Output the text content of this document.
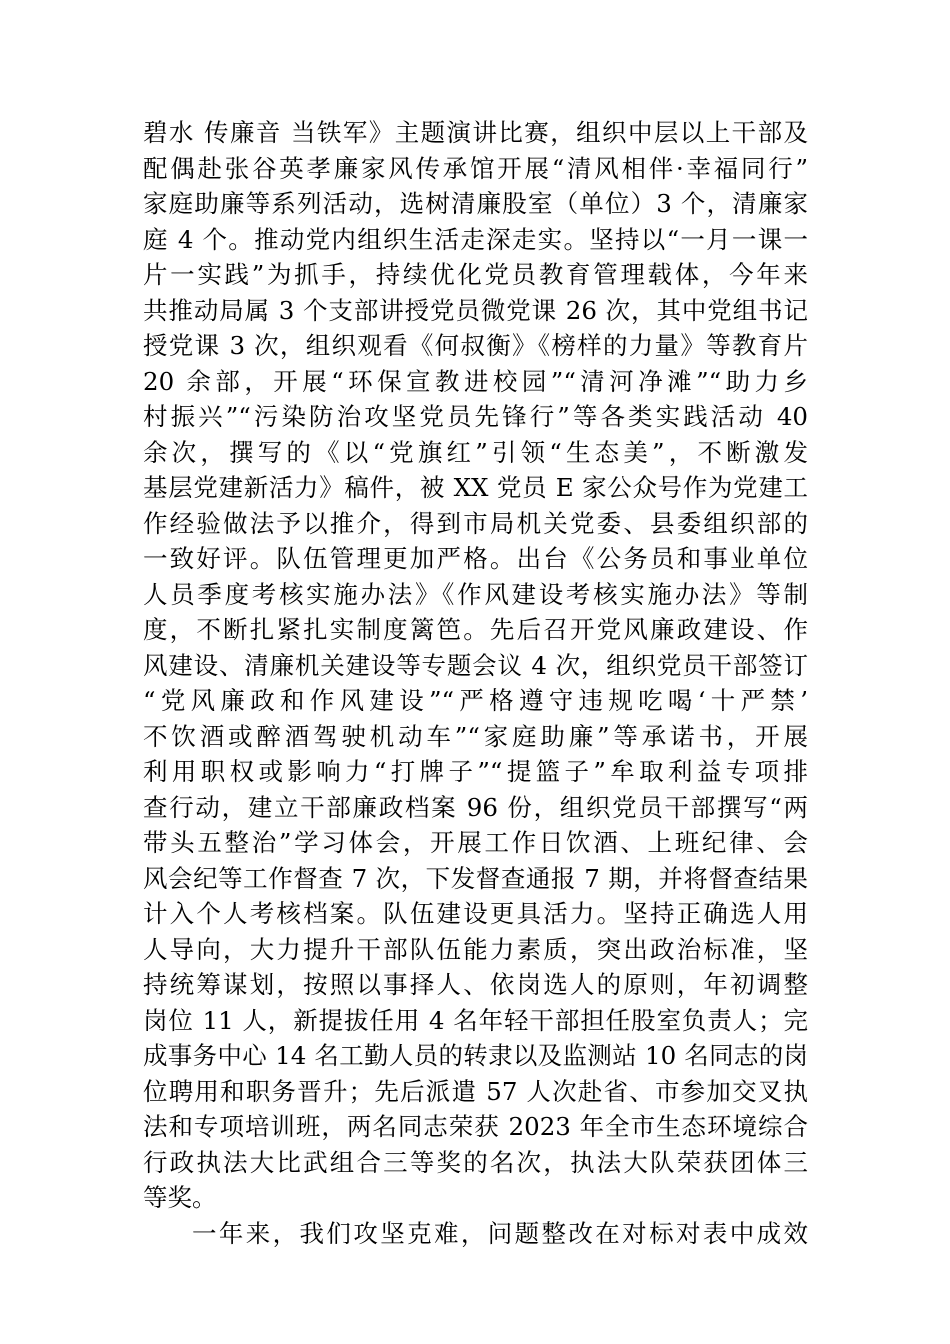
碧水 传廉音 当铁军》主题演讲比赛，组织中层以上干部及
配偶赴张谷英孝廉家风传承馆开展“清风相伴·幸福同行”
家庭助廉等系列活动，选树清廉股室（单位）3 个，清廉家
庭 4 个。推动党内组织生活走深走实。坚持以“一月一课一
片一实践”为抓手，持续优化党员教育管理载体，今年来
共推动局属 3 个支部讲授党员微党课 26 次，其中党组书记
授党课 3 次，组织观看《何叔衡》《榜样的力量》等教育片
20 余部，开展“环保宣教进校园”“清河净滩”“助力乡
村振兴”“污染防治攻坚党员先锋行”等各类实践活动 40
余次，撰写的《以“党旗红”引领“生态美”，不断激发
基层党建新活力》稿件，被 XX 党员 E 家公众号作为党建工
作经验做法予以推介，得到市局机关党委、县委组织部的
一致好评。队伍管理更加严格。出台《公务员和事业单位
人员季度考核实施办法》《作风建设考核实施办法》等制
度，不断扎紧扎实制度篱笆。先后召开党风廉政建设、作
风建设、清廉机关建设等专题会议 4 次，组织党员干部签订
“党风廉政和作风建设”“严格遵守违规吃喝‘十严禁’
不饮酒或醉酒驾驶机动车”“家庭助廉”等承诺书，开展
利用职权或影响力“打牌子”“提篮子”牟取利益专项排
查行动，建立干部廉政档案 96 份，组织党员干部撰写“两
带头五整治”学习体会，开展工作日饮酒、上班纪律、会
风会纪等工作督查 7 次，下发督查通报 7 期，并将督查结果
计入个人考核档案。队伍建设更具活力。坚持正确选人用
人导向，大力提升干部队伍能力素质，突出政治标准，坚
持统筹谋划，按照以事择人、依岗选人的原则，年初调整
岗位 11 人，新提拔任用 4 名年轻干部担任股室负责人；完
成事务中心 14 名工勤人员的转隶以及监测站 10 名同志的岗
位聘用和职务晋升；先后派遣 57 人次赴省、市参加交叉执
法和专项培训班，两名同志荣获 2023 年全市生态环境综合
行政执法大比武组合三等奖的名次，执法大队荣获团体三
等奖。
一年来，我们攻坚克难，问题整改在对标对表中成效
